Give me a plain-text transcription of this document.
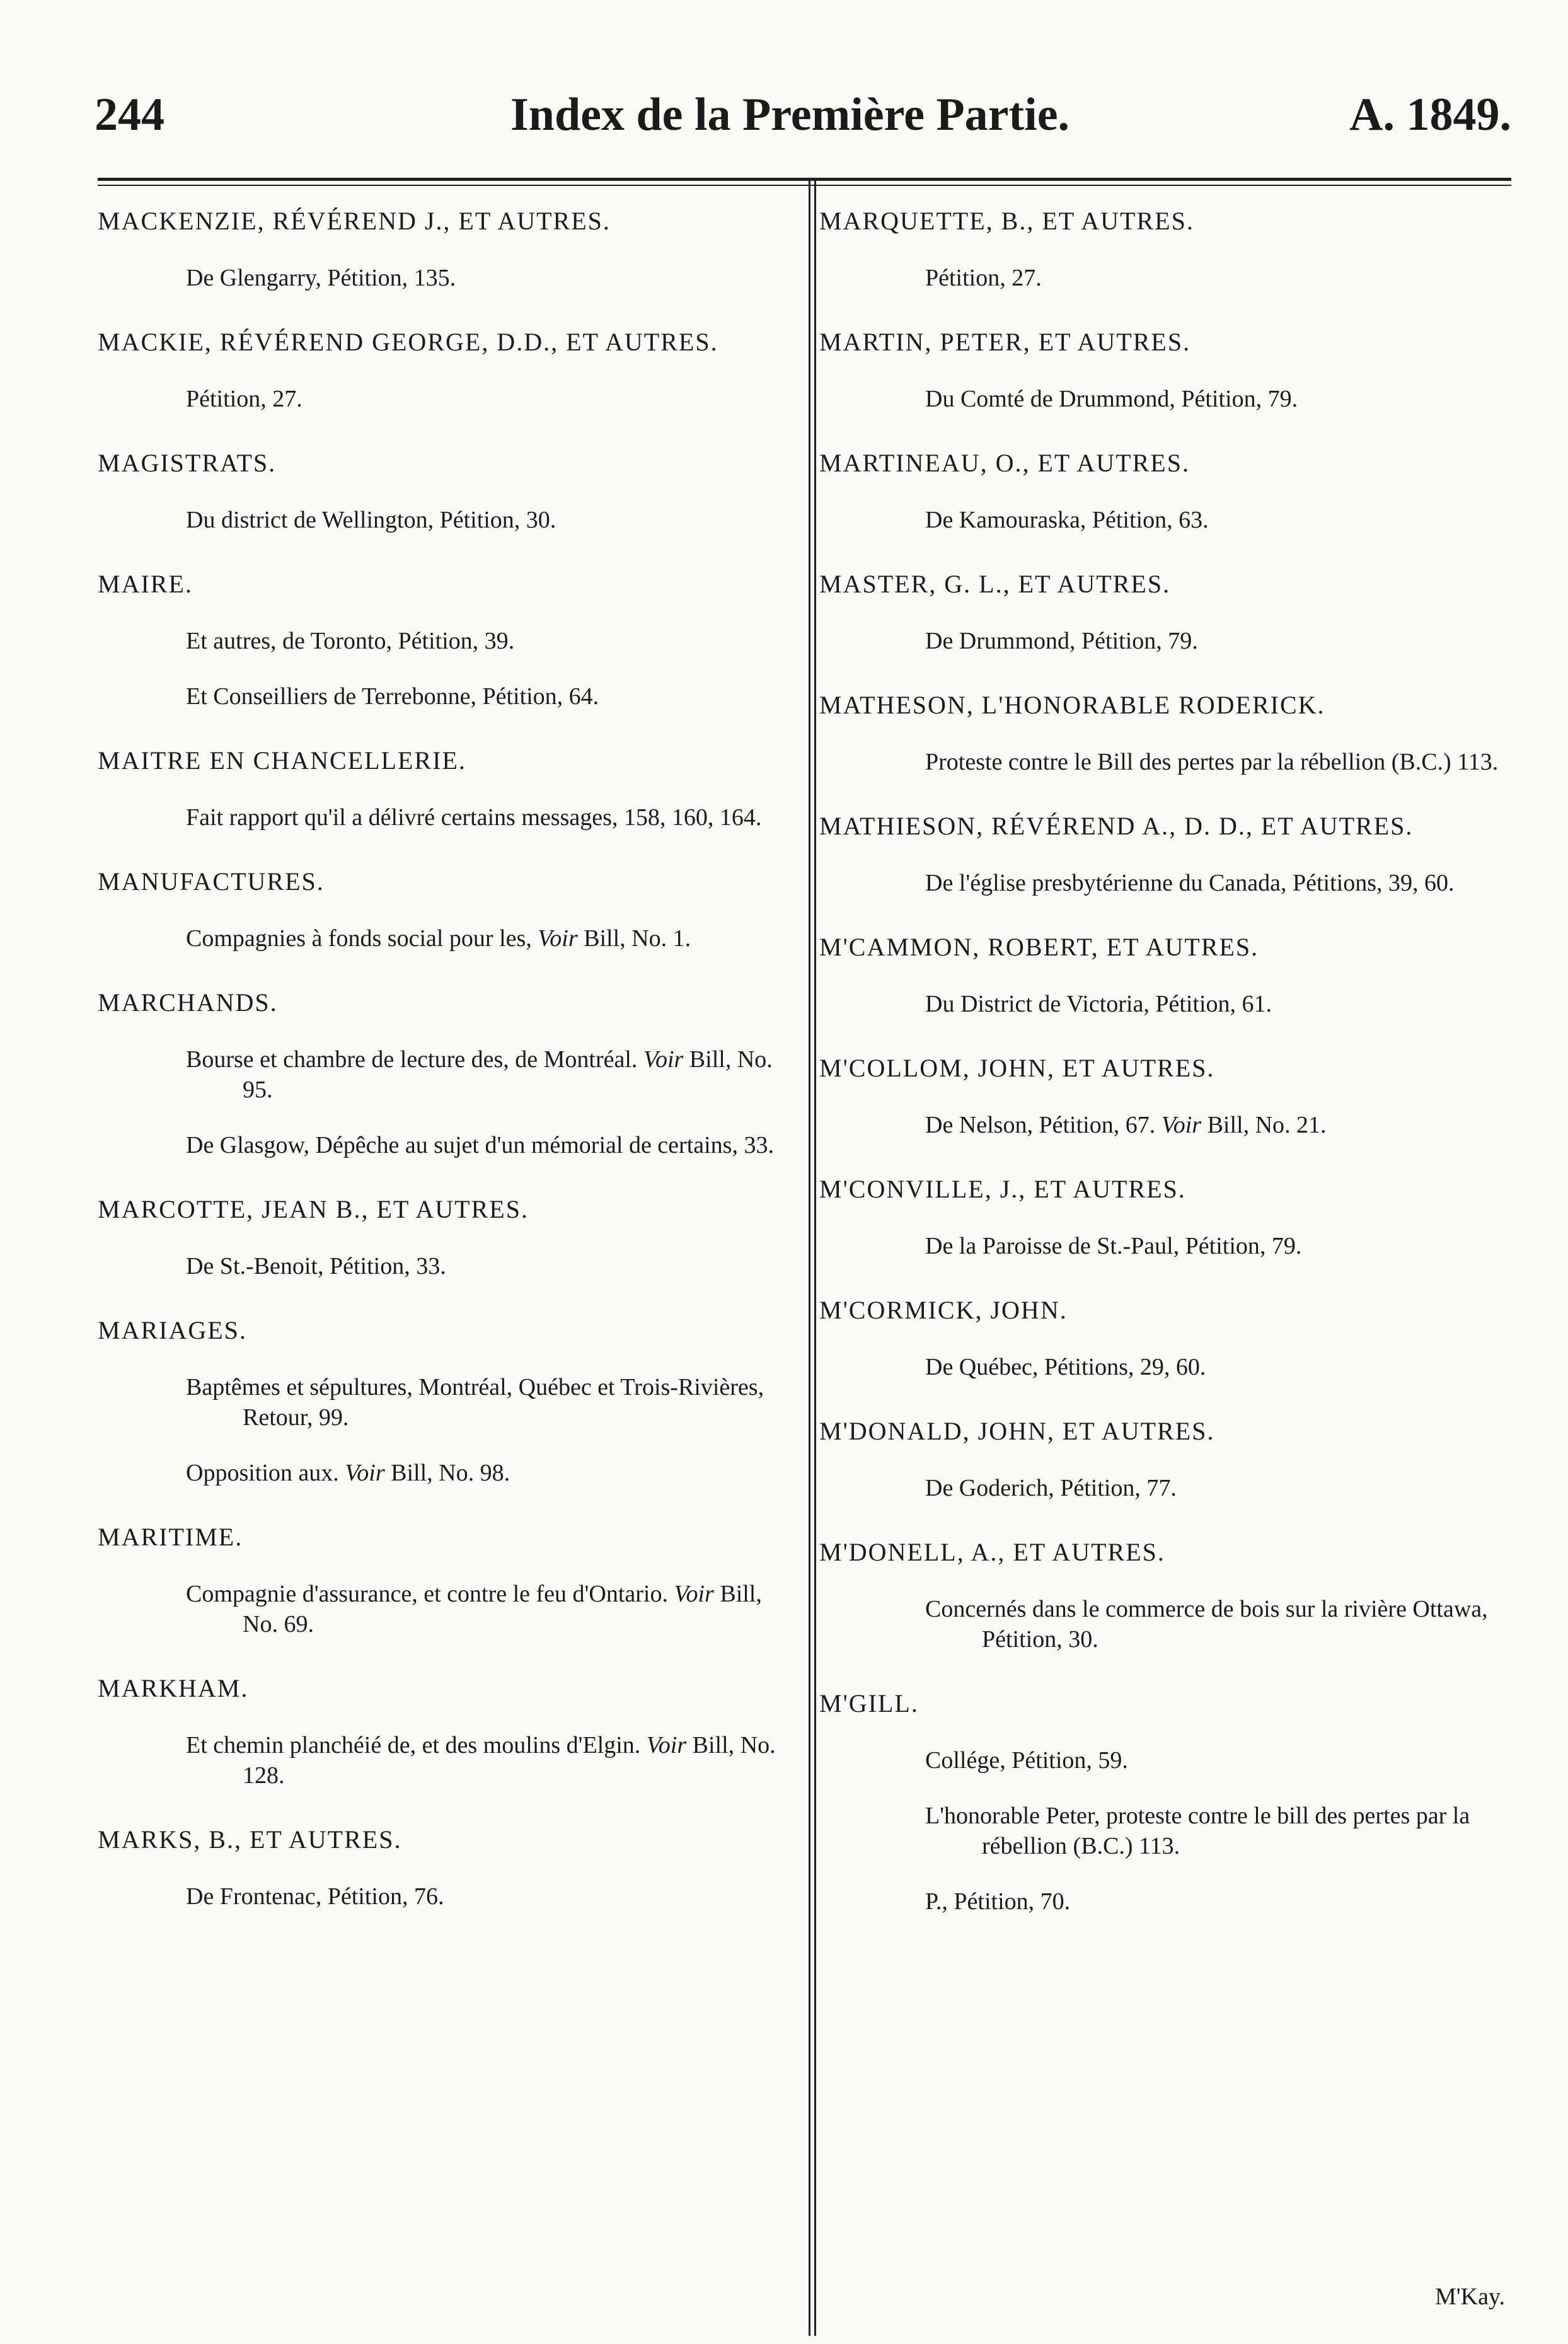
244	Index de la Première Partie.	A. 1849.
MACKENZIE, RÉVÉREND J., ET AUTRES.
De Glengarry, Pétition, 135.
MACKIE, RÉVÉREND GEORGE, D.D., ET AUTRES.
Pétition, 27.
MAGISTRATS.
Du district de Wellington, Pétition, 30.
MAIRE.
Et autres, de Toronto, Pétition, 39.
Et Conseilliers de Terrebonne, Pétition, 64.
MAITRE EN CHANCELLERIE.
Fait rapport qu'il a délivré certains messages, 158, 160, 164.
MANUFACTURES.
Compagnies à fonds social pour les, Voir Bill, No. 1.
MARCHANDS.
Bourse et chambre de lecture des, de Montréal. Voir Bill, No. 95.
De Glasgow, Dépêche au sujet d'un mémorial de certains, 33.
MARCOTTE, JEAN B., ET AUTRES.
De St.-Benoit, Pétition, 33.
MARIAGES.
Baptêmes et sépultures, Montréal, Québec et Trois-Rivières, Retour, 99.
Opposition aux. Voir Bill, No. 98.
MARITIME.
Compagnie d'assurance, et contre le feu d'Ontario. Voir Bill, No. 69.
MARKHAM.
Et chemin planchéié de, et des moulins d'Elgin. Voir Bill, No. 128.
MARKS, B., ET AUTRES.
De Frontenac, Pétition, 76.
MARQUETTE, B., ET AUTRES.
Pétition, 27.
MARTIN, PETER, ET AUTRES.
Du Comté de Drummond, Pétition, 79.
MARTINEAU, O., ET AUTRES.
De Kamouraska, Pétition, 63.
MASTER, G. L., ET AUTRES.
De Drummond, Pétition, 79.
MATHESON, L'HONORABLE RODERICK.
Proteste contre le Bill des pertes par la rébellion (B.C.) 113.
MATHIESON, RÉVÉREND A., D. D., ET AUTRES.
De l'église presbytérienne du Canada, Pétitions, 39, 60.
M'CAMMON, ROBERT, ET AUTRES.
Du District de Victoria, Pétition, 61.
M'COLLOM, JOHN, ET AUTRES.
De Nelson, Pétition, 67. Voir Bill, No. 21.
M'CONVILLE, J., ET AUTRES.
De la Paroisse de St.-Paul, Pétition, 79.
M'CORMICK, JOHN.
De Québec, Pétitions, 29, 60.
M'DONALD, JOHN, ET AUTRES.
De Goderich, Pétition, 77.
M'DONELL, A., ET AUTRES.
Concernés dans le commerce de bois sur la rivière Ottawa, Pétition, 30.
M'GILL.
Collége, Pétition, 59.
L'honorable Peter, proteste contre le bill des pertes par la rébellion (B.C.) 113.
P., Pétition, 70.
M'Kay.
